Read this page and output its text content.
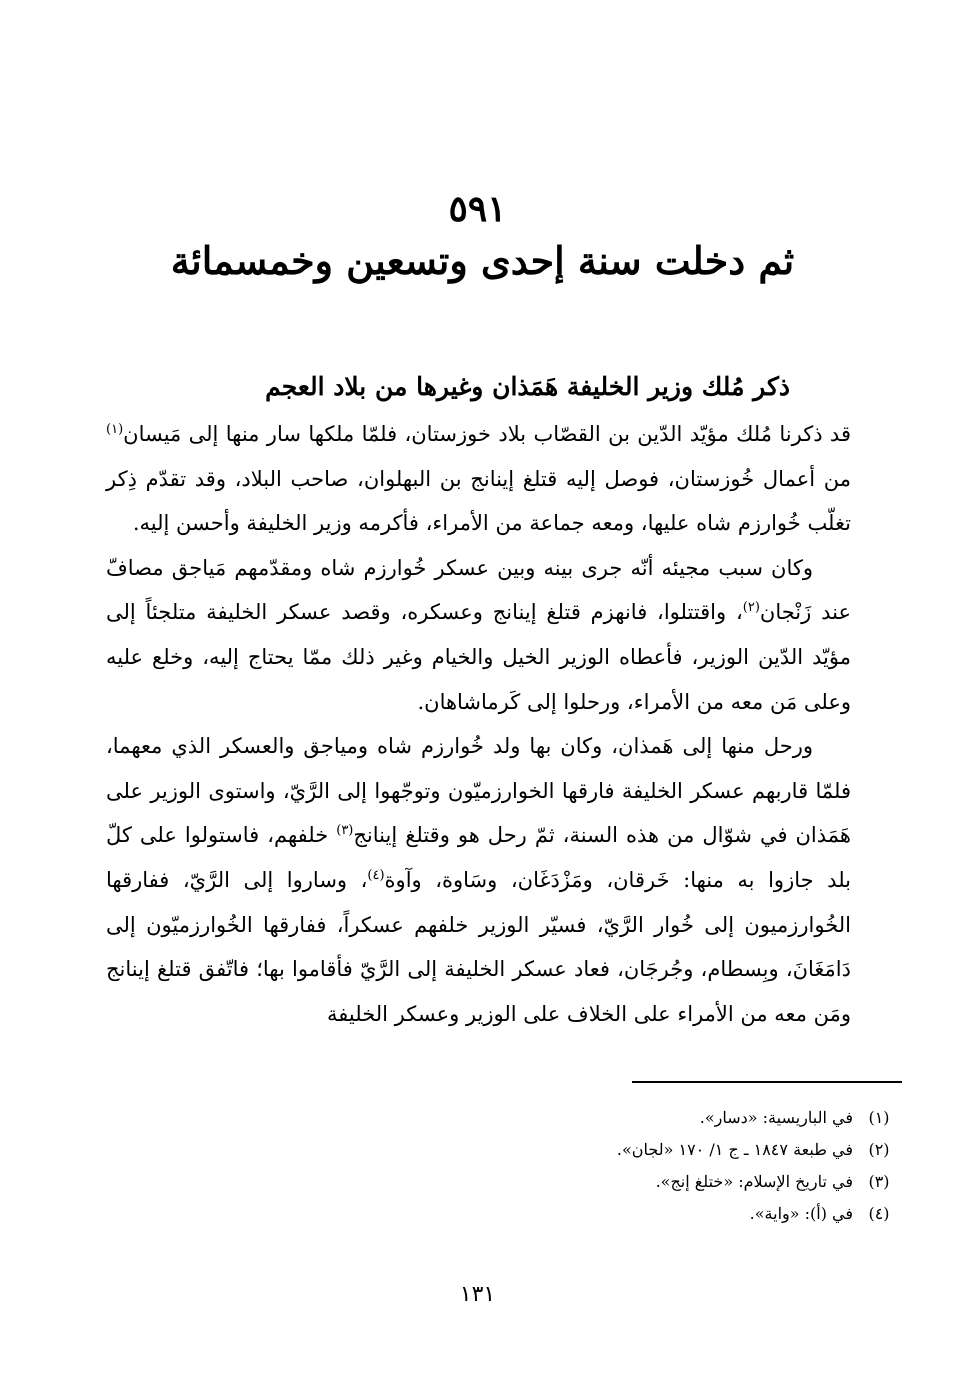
٥٩١
ثم دخلت سنة إحدى وتسعين وخمسمائة
ذكر مُلك وزير الخليفة هَمَذان وغيرها من بلاد العجم

قد ذكرنا مُلك مؤيّد الدّين بن القصّاب بلاد خوزستان، فلمّا ملكها سار منها إلى مَيسان$^{(١)}$ من أعمال خُوزستان، فوصل إليه قتلغ إينانج بن البهلوان، صاحب البلاد، وقد تقدّم ذِكر تغلّب خُوارزم شاه عليها، ومعه جماعة من الأمراء، فأكرمه وزير الخليفة وأحسن إليه.

وكان سبب مجيئه أنّه جرى بينه وبين عسكر خُوارزم شاه ومقدّمهم مَياجق مصافّ عند زَنْجان$^{(٢)}$، واقتتلوا، فانهزم قتلغ إينانج وعسكره، وقصد عسكر الخليفة متلجئاً إلى مؤيّد الدّين الوزير، فأعطاه الوزير الخيل والخيام وغير ذلك ممّا يحتاج إليه، وخلع عليه وعلى مَن معه من الأمراء، ورحلوا إلى كَرماشاهان.

ورحل منها إلى هَمذان، وكان بها ولد خُوارزم شاه ومياجق والعسكر الذي معهما، فلمّا قاربهم عسكر الخليفة فارقها الخوارزميّون وتوجّهوا إلى الرَّيّ، واستوى الوزير على هَمَذان في شوّال من هذه السنة، ثمّ رحل هو وقتلغ إينانج$^{(٣)}$ خلفهم، فاستولوا على كلّ بلد جازوا به منها: خَرقان، ومَزْدَغَان، وسَاوة، وآوة$^{(٤)}$، وساروا إلى الرَّيّ، ففارقها الخُوارزميون إلى خُوار الرَّيّ، فسيّر الوزير خلفهم عسكراً، ففارقها الخُوارزميّون إلى دَامَغَانَ، وبِسطام، وجُرجَان، فعاد عسكر الخليفة إلى الرَّيّ فأقاموا بها؛ فاتّفق قتلغ إينانج ومَن معه من الأمراء على الخلاف على الوزير وعسكر الخليفة

(١)
في الباريسية: «دسار».
(٢)
في طبعة ١٨٤٧ ـ ج ١/ ١٧٠ «لجان».
(٣)
في تاريخ الإسلام: «ختلغ إنج».
(٤)
في (أ): «واية».
١٣١
